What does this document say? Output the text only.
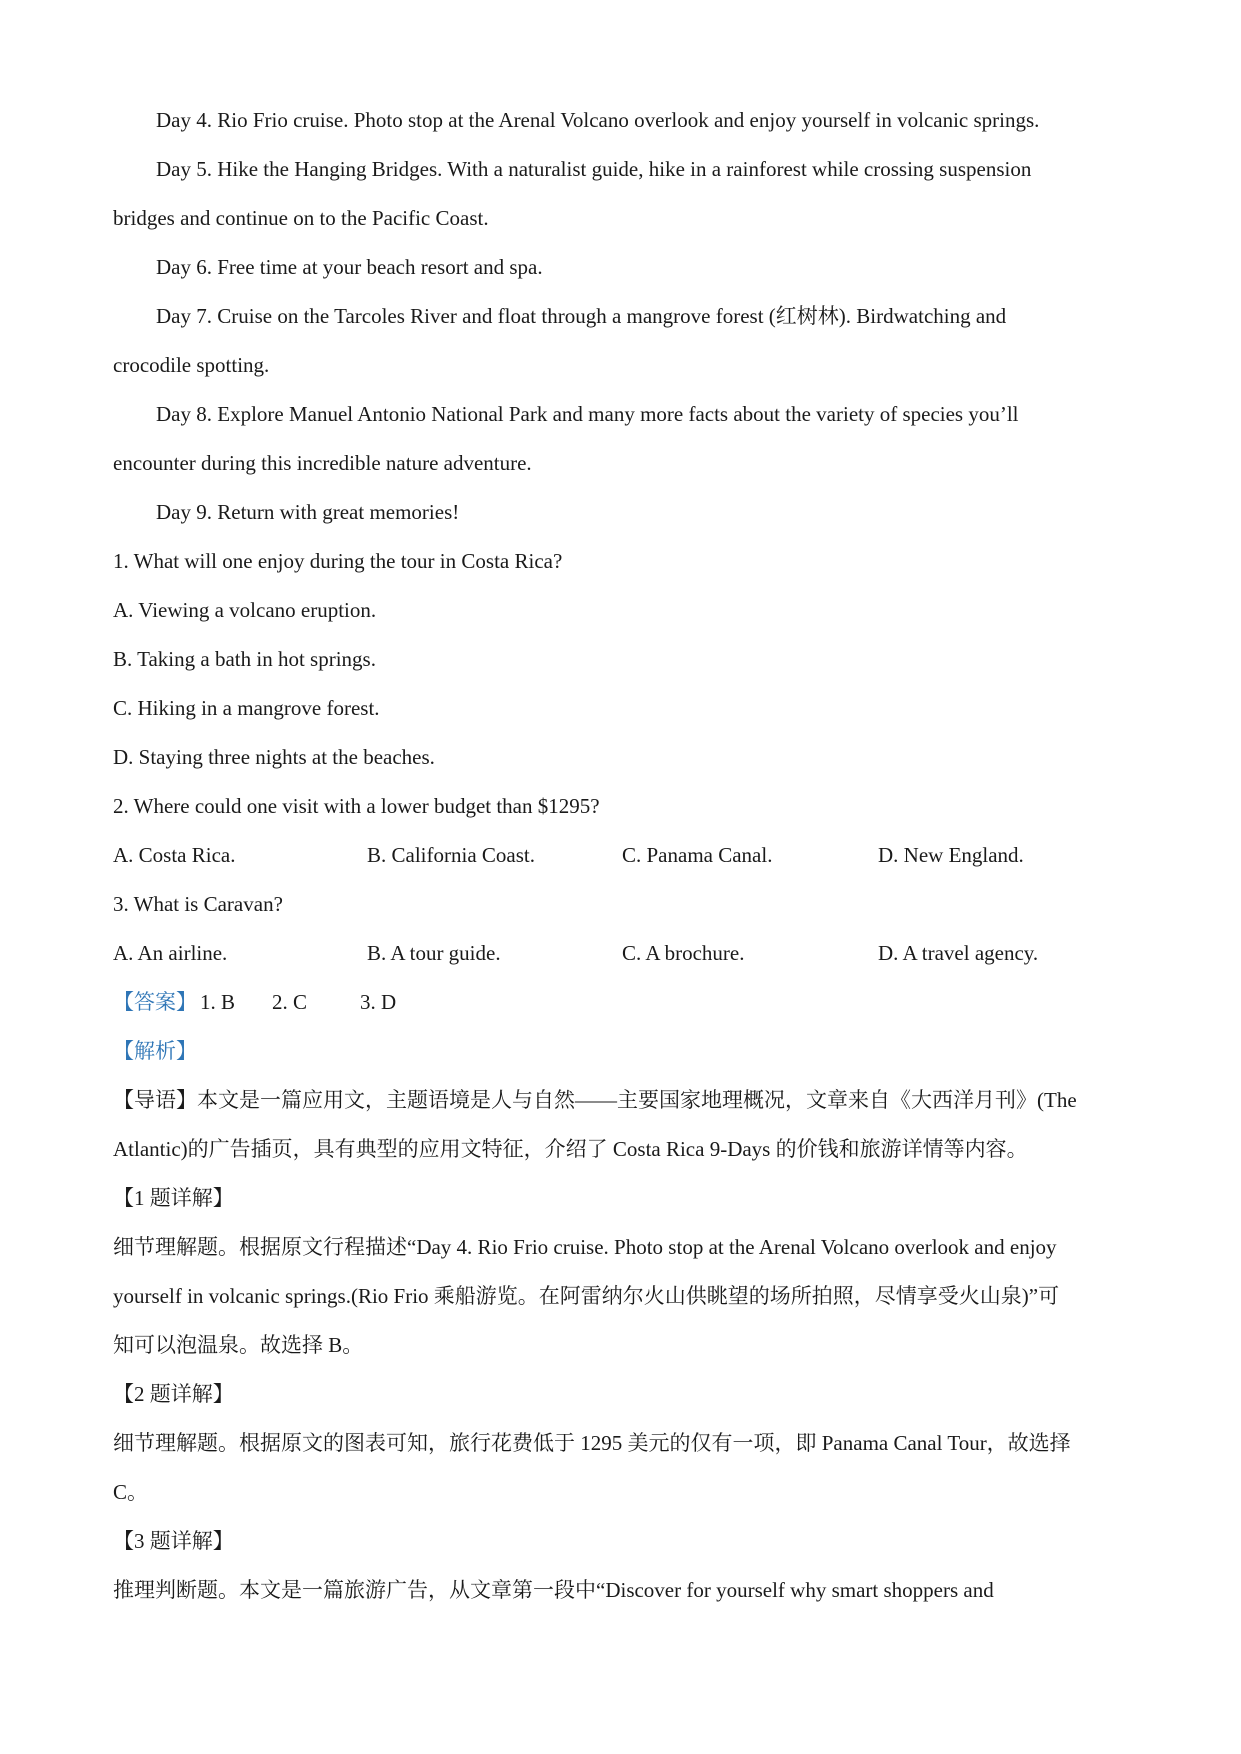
Day 4. Rio Frio cruise. Photo stop at the Arenal Volcano overlook and enjoy yourself in volcanic springs.
Day 5. Hike the Hanging Bridges. With a naturalist guide, hike in a rainforest while crossing suspension
bridges and continue on to the Pacific Coast.
Day 6. Free time at your beach resort and spa.
Day 7. Cruise on the Tarcoles River and float through a mangrove forest (红树林). Birdwatching and
crocodile spotting.
Day 8. Explore Manuel Antonio National Park and many more facts about the variety of species you’ll
encounter during this incredible nature adventure.
Day 9. Return with great memories!
1. What will one enjoy during the tour in Costa Rica?
A. Viewing a volcano eruption.
B. Taking a bath in hot springs.
C. Hiking in a mangrove forest.
D. Staying three nights at the beaches.
2. Where could one visit with a lower budget than $1295?
A. Costa Rica.	B. California Coast.	C. Panama Canal.	D. New England.
3. What is Caravan?
A. An airline.	B. A tour guide.	C. A brochure.	D. A travel agency.
【答案】 1. B 2. C	3. D
【解析】
【导语】本文是一篇应用文，主题语境是人与自然——主要国家地理概况，文章来自《大西洋月刊》(The
Atlantic)的广告插页，具有典型的应用文特征，介绍了 Costa Rica 9-Days 的价钱和旅游详情等内容。
【1 题详解】
细节理解题。根据原文行程描述“Day 4. Rio Frio cruise. Photo stop at the Arenal Volcano overlook and enjoy
yourself in volcanic springs.(Rio Frio 乘船游览。在阿雷纳尔火山供眺望的场所拍照，尽情享受火山泉)”可
知可以泡温泉。故选择 B。
【2 题详解】
细节理解题。根据原文的图表可知，旅行花费低于 1295 美元的仅有一项，即 Panama Canal Tour，故选择
C。
【3 题详解】
推理判断题。本文是一篇旅游广告，从文章第一段中“Discover for yourself why smart shoppers and
